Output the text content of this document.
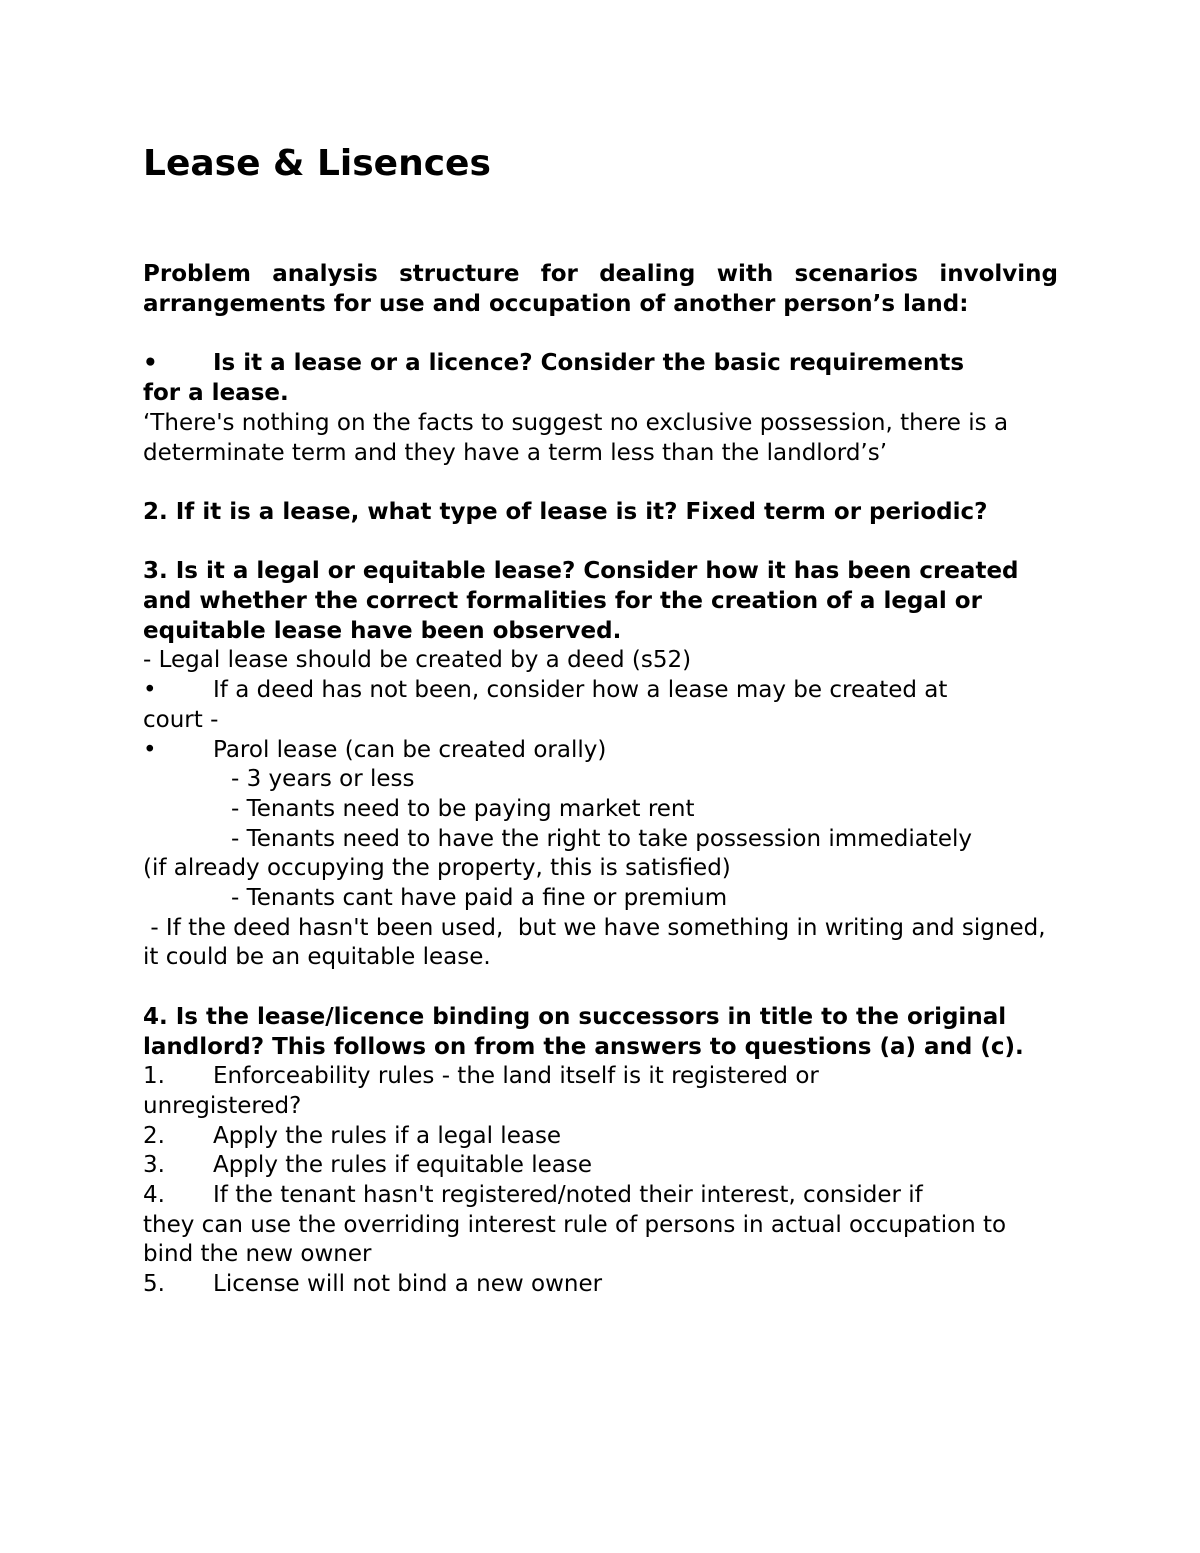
Lease & Lisences

Problem analysis structure for dealing with scenarios involving arrangements for use and occupation of another person’s land:

•	Is it a lease or a licence? Consider the basic requirements

for a lease.

‘There's nothing on the facts to suggest no exclusive possession, there is a determinate term and they have a term less than the landlord’s’

2. If it is a lease, what type of lease is it? Fixed term or periodic?

3. Is it a legal or equitable lease? Consider how it has been created and whether the correct formalities for the creation of a legal or equitable lease have been observed.

- Legal lease should be created by a deed (s52)

•	If a deed has not been, consider how a lease may be created at

court -

•	Parol lease (can be created orally)

- 3 years or less

- Tenants need to be paying market rent

- Tenants need to have the right to take possession immediately

(if already occupying the property, this is satisfied)

- Tenants cant have paid a fine or premium

- If the deed hasn't been used,  but we have something in writing and signed, it could be an equitable lease.

4. Is the lease/licence binding on successors in title to the original landlord? This follows on from the answers to questions (a) and (c).

1.	Enforceability rules - the land itself is it registered or

unregistered?

2.	Apply the rules if a legal lease
3.	Apply the rules if equitable lease
4.	If the tenant hasn't registered/noted their interest, consider if

they can use the overriding interest rule of persons in actual occupation to bind the new owner

5.	License will not bind a new owner
